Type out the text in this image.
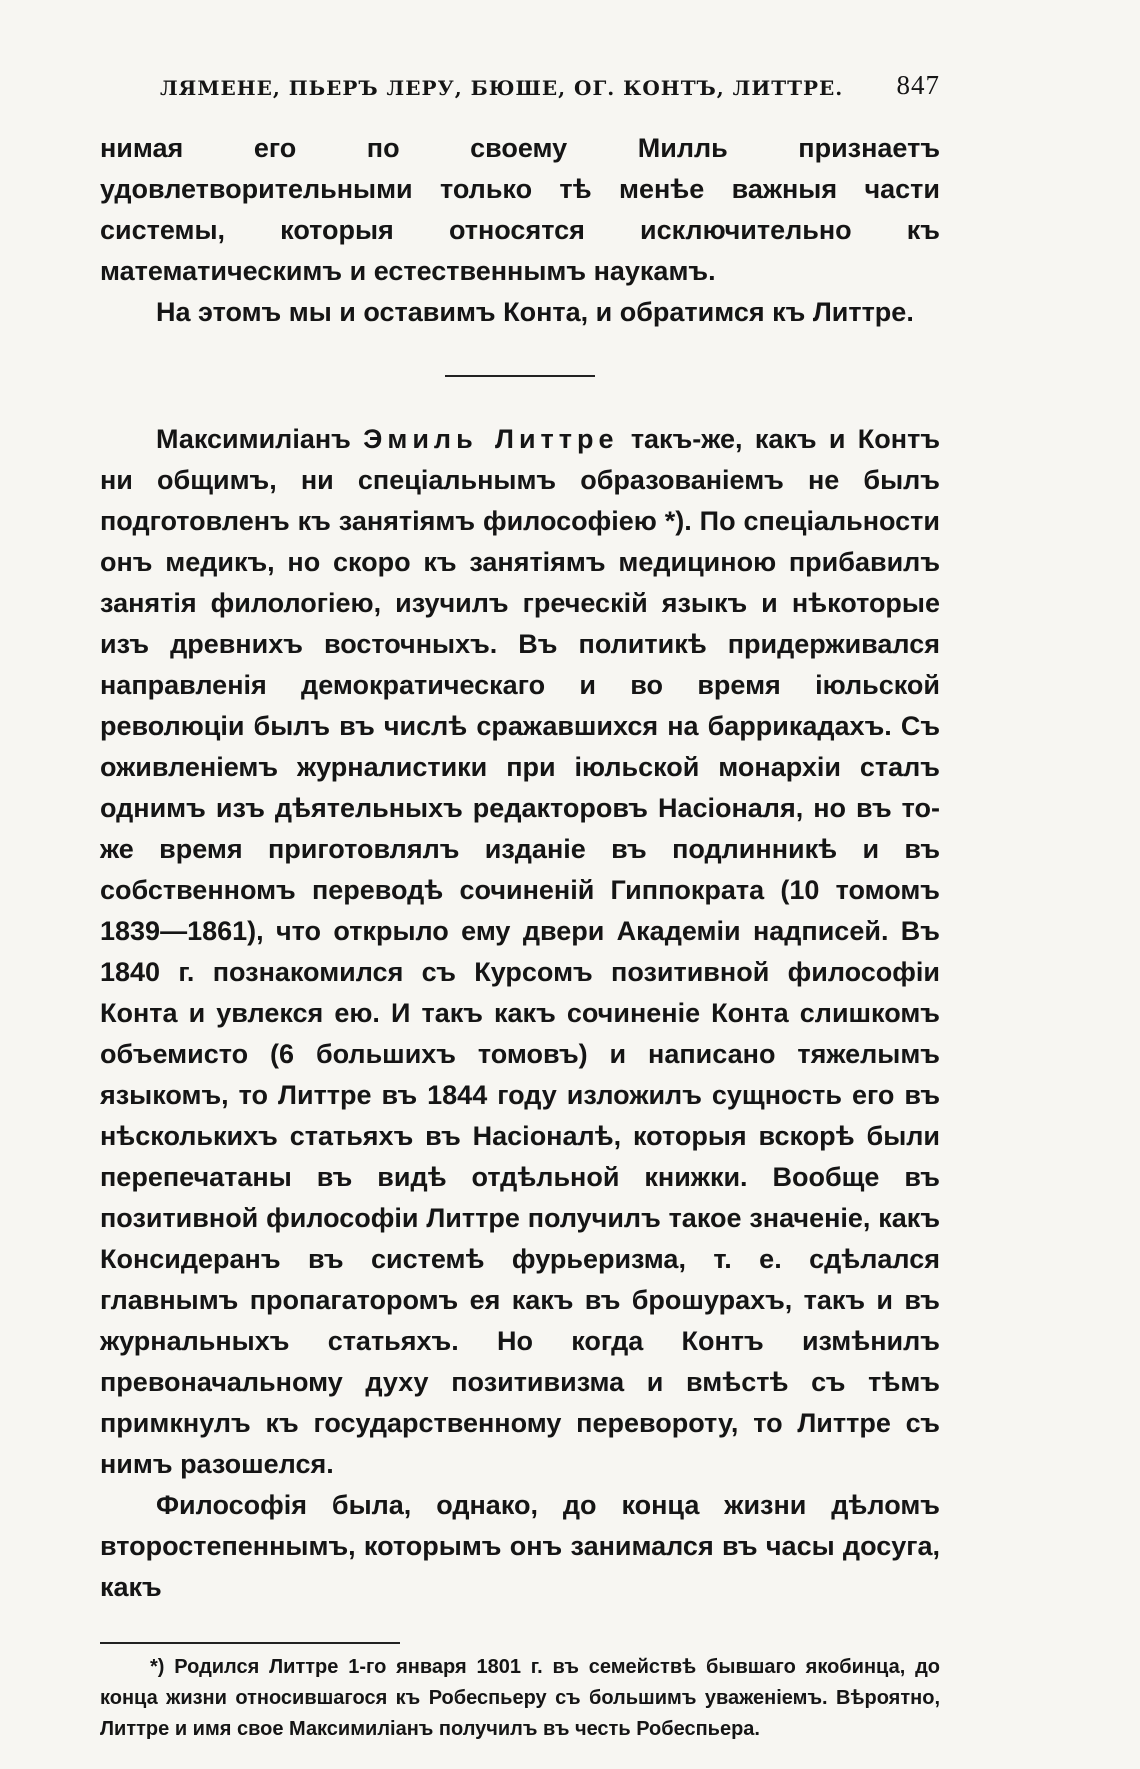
ЛЯМЕНЕ, ПЬЕРЪ ЛЕРУ, БЮШЕ, ОГ. КОНТЪ, ЛИТТРЕ. 847

нимая его по своему Милль признаетъ удовлетворительными только тѣ менѣе важныя части системы, которыя относятся исключительно къ математическимъ и естественнымъ наукамъ.

На этомъ мы и оставимъ Конта, и обратимся къ Литтре.

Максимиліанъ Эмиль Литтре такъ-же, какъ и Контъ ни общимъ, ни спеціальнымъ образованіемъ не былъ подготовленъ къ занятіямъ философіею *). По спеціальности онъ медикъ, но скоро къ занятіямъ медициною прибавилъ занятія филологіею, изучилъ греческій языкъ и нѣкоторые изъ древнихъ восточныхъ. Въ политикѣ придерживался направленія демократическаго и во время іюльской революціи былъ въ числѣ сражавшихся на баррикадахъ. Съ оживленіемъ журналистики при іюльской монархіи сталъ однимъ изъ дѣятельныхъ редакторовъ Насіоналя, но въ то-же время приготовлялъ изданіе въ подлинникѣ и въ собственномъ переводѣ сочиненій Гиппократа (10 томомъ 1839—1861), что открыло ему двери Академіи надписей. Въ 1840 г. познакомился съ Курсомъ позитивной философіи Конта и увлекся ею. И такъ какъ сочиненіе Конта слишкомъ объемисто (6 большихъ томовъ) и написано тяжелымъ языкомъ, то Литтре въ 1844 году изложилъ сущность его въ нѣсколькихъ статьяхъ въ Насіоналѣ, которыя вскорѣ были перепечатаны въ видѣ отдѣльной книжки. Вообще въ позитивной философіи Литтре получилъ такое значеніе, какъ Консидеранъ въ системѣ фурьеризма, т. е. сдѣлался главнымъ пропагаторомъ ея какъ въ брошурахъ, такъ и въ журнальныхъ статьяхъ. Но когда Контъ измѣнилъ превоначальному духу позитивизма и вмѣстѣ съ тѣмъ примкнулъ къ государственному перевороту, то Литтре съ нимъ разошелся.

Философія была, однако, до конца жизни дѣломъ второстепеннымъ, которымъ онъ занимался въ часы досуга, какъ

*) Родился Литтре 1-го января 1801 г. въ семействѣ бывшаго якобинца, до конца жизни относившагося къ Робеспьеру съ большимъ уваженіемъ. Вѣроятно, Литтре и имя свое Максимиліанъ получилъ въ честь Робеспьера.
